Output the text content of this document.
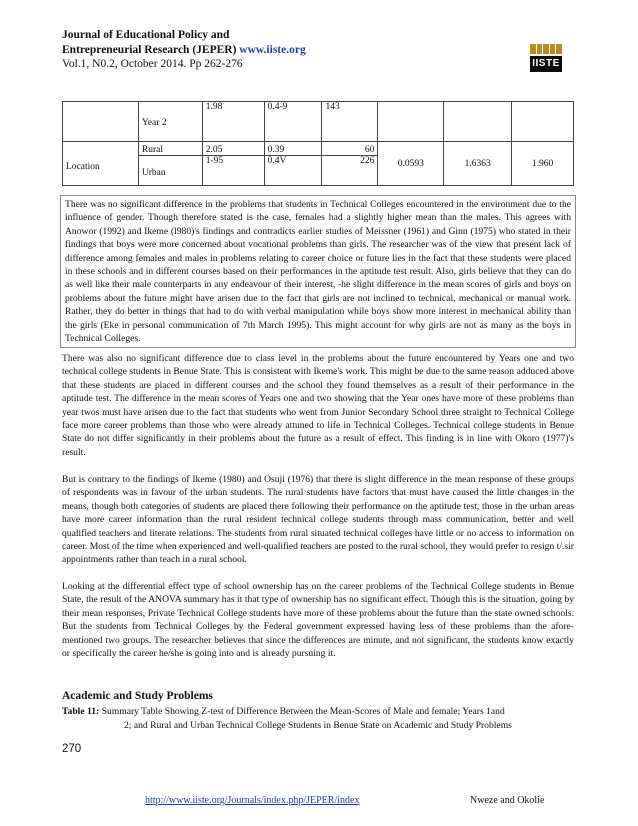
Journal of Educational Policy and
Entrepreneurial Research (JEPER) www.iiste.org
Vol.1, N0.2, October 2014. Pp 262-276	IISTE

	Year 2	1.98	0.4-9	143			
Location	Rural	2.05	0.39	60	0.0593	1.6363	1.960

	Urban	1-95	0.4V	226			

There was no significant difference in the problems that students in Technical Colleges encountered in the environment due to the influence of gender. Though therefore stated is the case, females had a slightly higher mean than the males. This agrees with Anowor (1992) and Ikeme (l980)'s findings and contradicts earlier studies of Meissner (1961) and Ginn (1975) who stated in their findings that boys were more concerned about vocational problems than girls. The researcher was of the view that present lack of difference among females and males in problems relating to career choice or future lies in the fact that these students were placed in these schools and in different courses based on their performances in the aptitude test result. Also, girls believe that they can do as well like their male counterparts in any endeavour of their interest, -he slight difference in the mean scores of girls and boys on problems about the future might have arisen due to the fact that girls are not inclined to technical, mechanical or manual work. Rather, they do better in things that had to do with verbal manipulation while boys show more interest in mechanical ability than the girls (Eke in personal communication of 7th March 1995). This might account for why girls are not as many as the boys in Technical Colleges.

There was also no significant difference due to class level in the problems about the future encountered by Years one and two technical college students in Benue State. This is consistent with Ikeme's work. This might be due to the same reason adduced above that these students are placed in different courses and the school they found themselves as a result of their performance in the aptitude test. The difference in the mean scores of Years one and two showing that the Year ones have more of these problems than year twos must have arisen due to the fact that students who went from Junior Secondary School three straight to Technical College face more career problems than those who were already attuned to life in Technical Colleges. Technical college students in Benue State do not differ significantly in their problems about the future as a result of effect. This finding is in line with Okoro (1977)'s result.

But is contrary to the findings of Ikeme (1980) and Osuji (1976) that there is slight difference in the mean response of these groups of respondents was in favour of the urban students. The rural students have factors that must have caused the little changes in the means, though both categories of students are placed there following their performance on the aptitude test, those in the urban areas have more career information than the rural resident technical college students through mass communication, better and well qualified teachers and literate relations. The students from rural situated technical colleges have little or no access to information on career. Most of the time when experienced and well-qualified teachers are posted to the rural school, they would prefer to resign t/.sir appointments rather than teach in a rural school.

Looking at the differential effect type of school ownership has on the career problems of the Technical College students in Benue State, the result of the ANOVA summary has it that type of ownership has no significant effect. Though this is the situation, going by their mean responses, Private Technical College students have more of these problems about the future than the state owned schools. But the students from Technical Colleges by the Federal government expressed having less of these problems than the afore-mentioned two groups. The researcher believes that since the differences are minute, and not significant, the students know exactly or specifically the career he/she is going into and is already pursuing it.

Academic and Study Problems
Table 11: Summary Table Showing Z-test of Difference Between the Mean-Scores of Male and female; Years 1and
2; and Rural and Urban Technical College Students in Benue State on Academic and Study Problems
270
http://www.iiste.org/Journals/index.php/JEPER/index	Nweze and Okolie
